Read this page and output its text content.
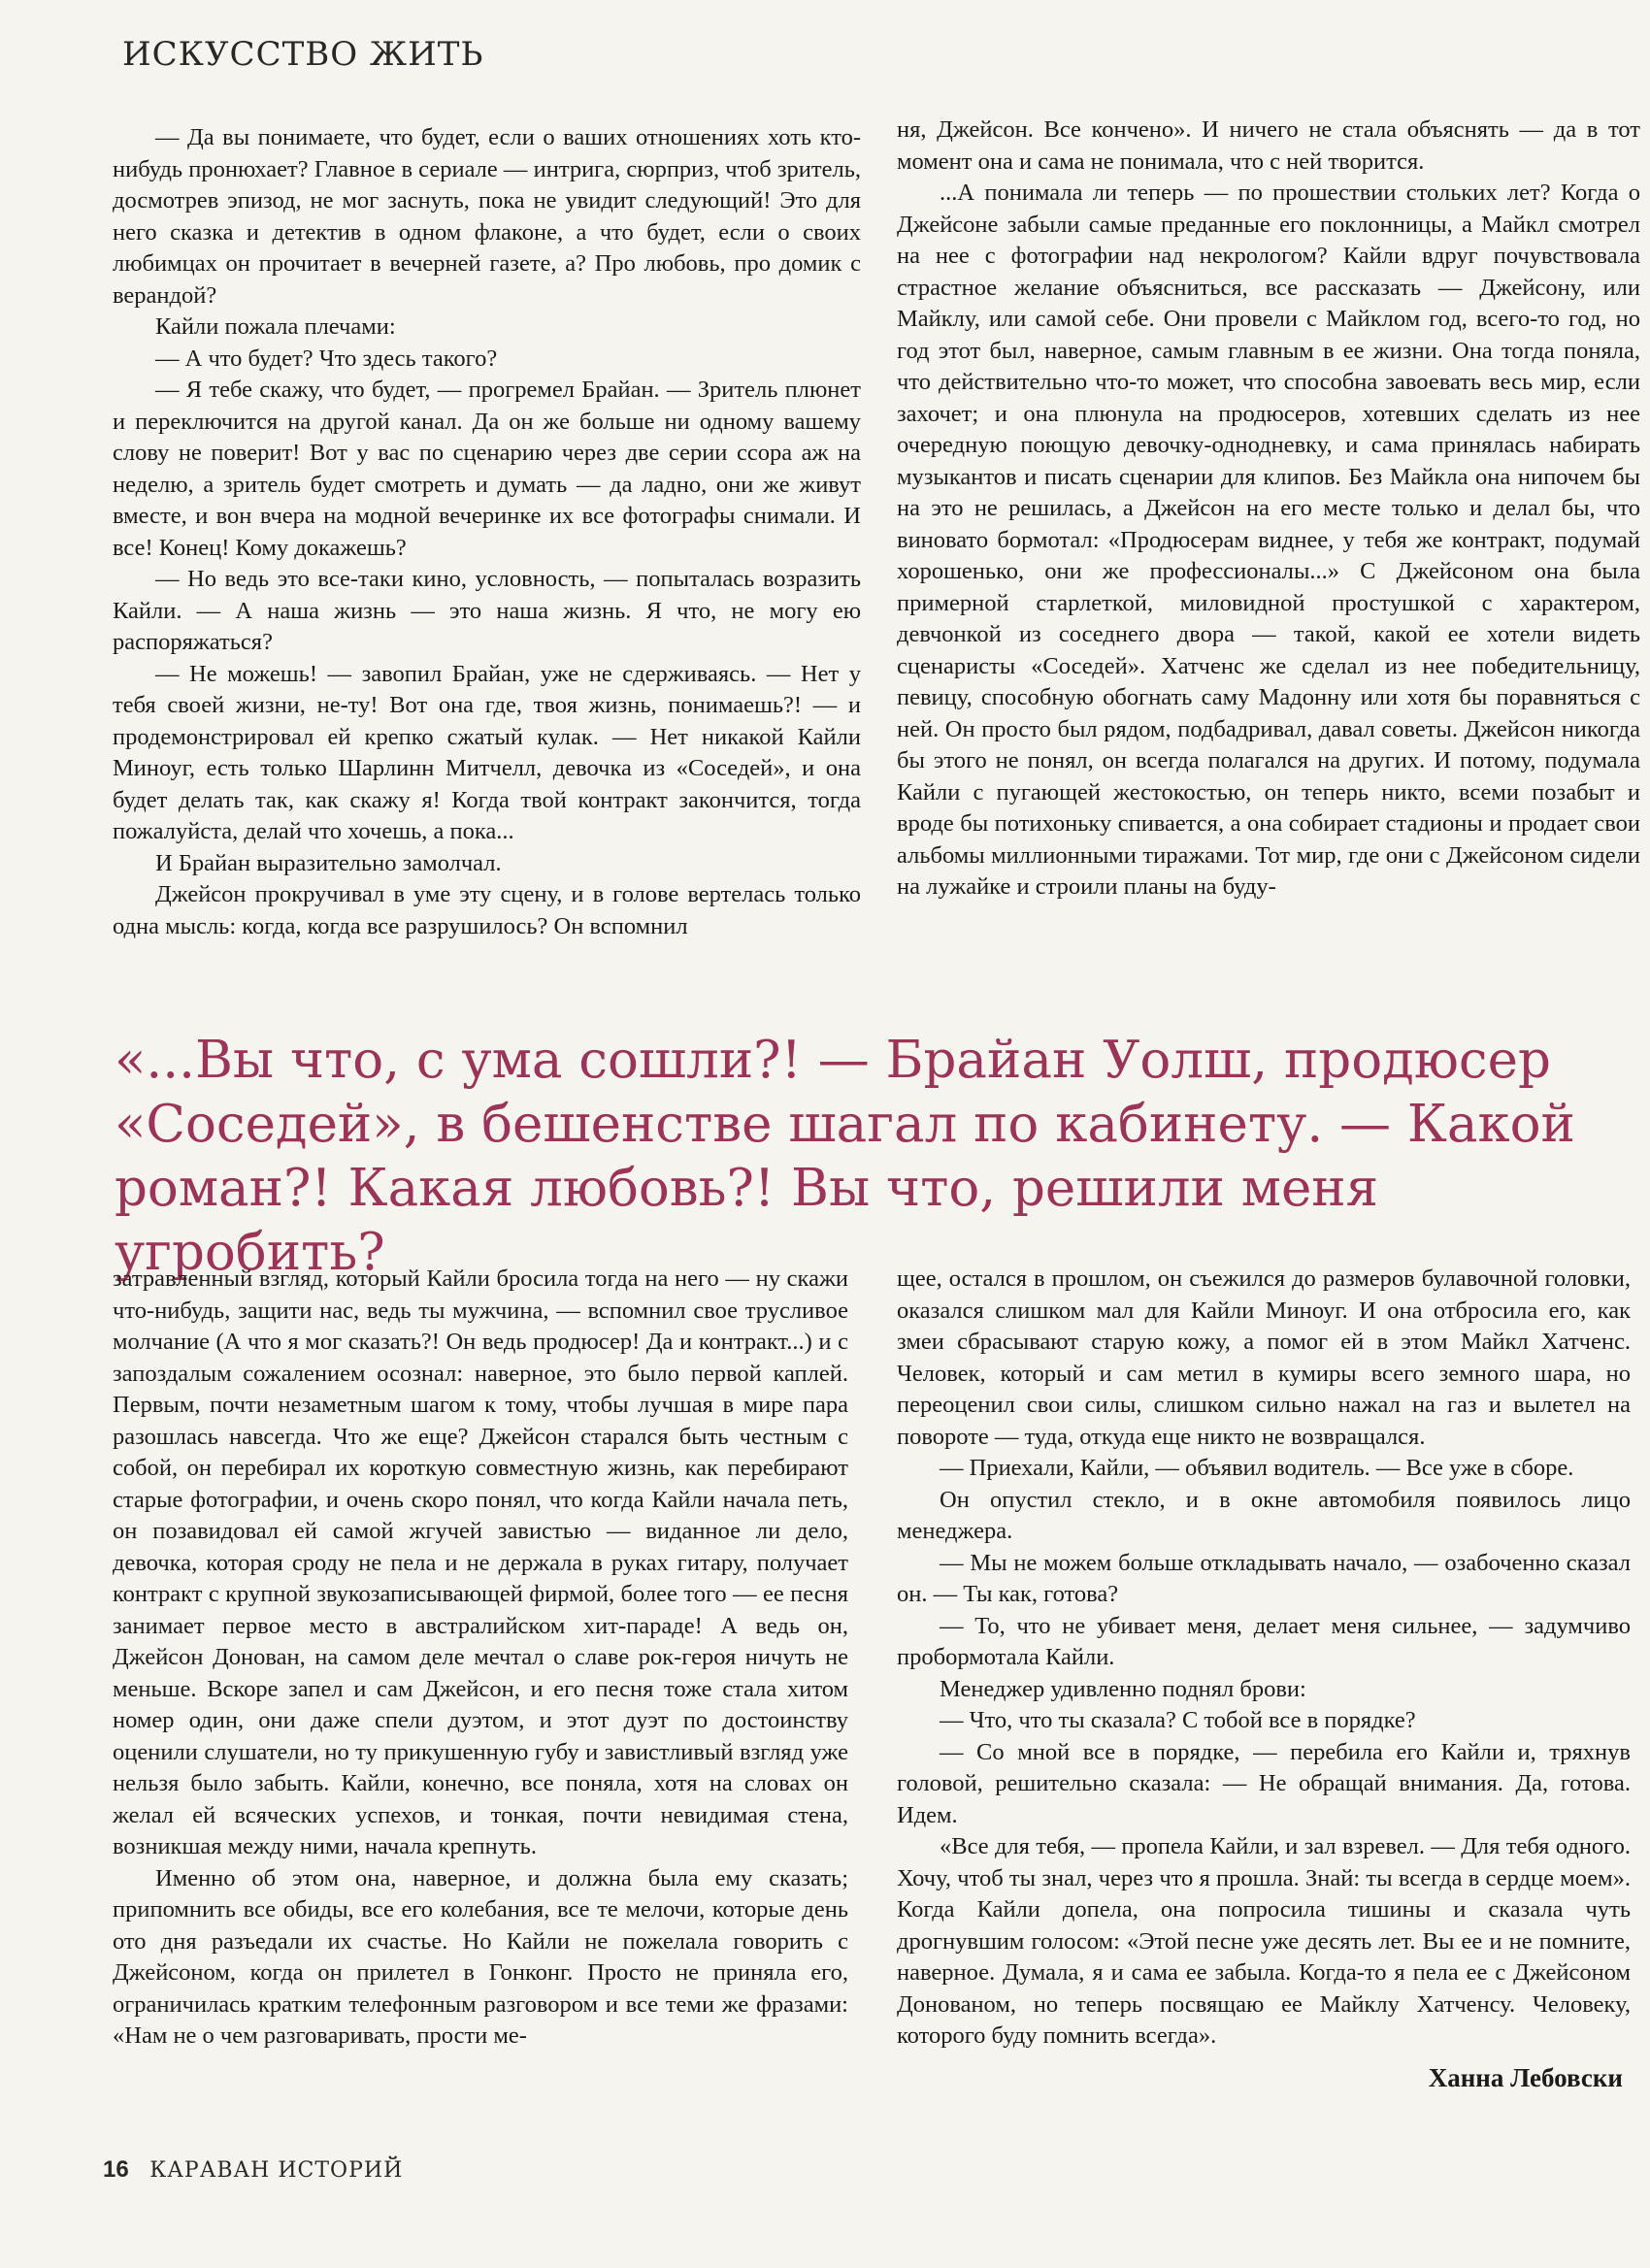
ИСКУССТВО ЖИТЬ

— Да вы понимаете, что будет, если о ваших отношениях хоть кто-нибудь пронюхает? Главное в сериале — интрига, сюрприз, чтоб зритель, досмотрев эпизод, не мог заснуть, пока не увидит следующий! Это для него сказка и детектив в одном флаконе, а что будет, если о своих любимцах он прочитает в вечерней газете, а? Про любовь, про домик с верандой?

Кайли пожала плечами:

— А что будет? Что здесь такого?

— Я тебе скажу, что будет, — прогремел Брайан. — Зритель плюнет и переключится на другой канал. Да он же больше ни одному вашему слову не поверит! Вот у вас по сценарию через две серии ссора аж на неделю, а зритель будет смотреть и думать — да ладно, они же живут вместе, и вон вчера на модной вечеринке их все фотографы снимали. И все! Конец! Кому докажешь?

— Но ведь это все-таки кино, условность, — попыталась возразить Кайли. — А наша жизнь — это наша жизнь. Я что, не могу ею распоряжаться?

— Не можешь! — завопил Брайан, уже не сдерживаясь. — Нет у тебя своей жизни, не-ту! Вот она где, твоя жизнь, понимаешь?! — и продемонстрировал ей крепко сжатый кулак. — Нет никакой Кайли Миноуг, есть только Шарлинн Митчелл, девочка из «Соседей», и она будет делать так, как скажу я! Когда твой контракт закончится, тогда пожалуйста, делай что хочешь, а пока...

И Брайан выразительно замолчал.

Джейсон прокручивал в уме эту сцену, и в голове вертелась только одна мысль: когда, когда все разрушилось? Он вспомнил

ня, Джейсон. Все кончено». И ничего не стала объяснять — да в тот момент она и сама не понимала, что с ней творится.

...А понимала ли теперь — по прошествии стольких лет? Когда о Джейсоне забыли самые преданные его поклонницы, а Майкл смотрел на нее с фотографии над некрологом? Кайли вдруг почувствовала страстное желание объясниться, все рассказать — Джейсону, или Майклу, или самой себе. Они провели с Майклом год, всего-то год, но год этот был, наверное, самым главным в ее жизни. Она тогда поняла, что действительно что-то может, что способна завоевать весь мир, если захочет; и она плюнула на продюсеров, хотевших сделать из нее очередную поющую девочку-однодневку, и сама принялась набирать музыкантов и писать сценарии для клипов. Без Майкла она нипочем бы на это не решилась, а Джейсон на его месте только и делал бы, что виновато бормотал: «Продюсерам виднее, у тебя же контракт, подумай хорошенько, они же профессионалы...» С Джейсоном она была примерной старлеткой, миловидной простушкой с характером, девчонкой из соседнего двора — такой, какой ее хотели видеть сценаристы «Соседей». Хатченс же сделал из нее победительницу, певицу, способную обогнать саму Мадонну или хотя бы поравняться с ней. Он просто был рядом, подбадривал, давал советы. Джейсон никогда бы этого не понял, он всегда полагался на других. И потому, подумала Кайли с пугающей жестокостью, он теперь никто, всеми позабыт и вроде бы потихоньку спивается, а она собирает стадионы и продает свои альбомы миллионными тиражами. Тот мир, где они с Джейсоном сидели на лужайке и строили планы на буду-

«...Вы что, с ума сошли?! — Брайан Уолш, продюсер «Соседей», в бешенстве шагал по кабинету. — Какой роман?! Какая любовь?! Вы что, решили меня угробить?

затравленный взгляд, который Кайли бросила тогда на него — ну скажи что-нибудь, защити нас, ведь ты мужчина, — вспомнил свое трусливое молчание (А что я мог сказать?! Он ведь продюсер! Да и контракт...) и с запоздалым сожалением осознал: наверное, это было первой каплей. Первым, почти незаметным шагом к тому, чтобы лучшая в мире пара разошлась навсегда. Что же еще? Джейсон старался быть честным с собой, он перебирал их короткую совместную жизнь, как перебирают старые фотографии, и очень скоро понял, что когда Кайли начала петь, он позавидовал ей самой жгучей завистью — виданное ли дело, девочка, которая сроду не пела и не держала в руках гитару, получает контракт с крупной звукозаписывающей фирмой, более того — ее песня занимает первое место в австралийском хит-параде! А ведь он, Джейсон Донован, на самом деле мечтал о славе рок-героя ничуть не меньше. Вскоре запел и сам Джейсон, и его песня тоже стала хитом номер один, они даже спели дуэтом, и этот дуэт по достоинству оценили слушатели, но ту прикушенную губу и завистливый взгляд уже нельзя было забыть. Кайли, конечно, все поняла, хотя на словах он желал ей всяческих успехов, и тонкая, почти невидимая стена, возникшая между ними, начала крепнуть.

Именно об этом она, наверное, и должна была ему сказать; припомнить все обиды, все его колебания, все те мелочи, которые день ото дня разъедали их счастье. Но Кайли не пожелала говорить с Джейсоном, когда он прилетел в Гонконг. Просто не приняла его, ограничилась кратким телефонным разговором и все теми же фразами: «Нам не о чем разговаривать, прости ме-

щее, остался в прошлом, он съежился до размеров булавочной головки, оказался слишком мал для Кайли Миноуг. И она отбросила его, как змеи сбрасывают старую кожу, а помог ей в этом Майкл Хатченс. Человек, который и сам метил в кумиры всего земного шара, но переоценил свои силы, слишком сильно нажал на газ и вылетел на повороте — туда, откуда еще никто не возвращался.

— Приехали, Кайли, — объявил водитель. — Все уже в сборе.

Он опустил стекло, и в окне автомобиля появилось лицо менеджера.

— Мы не можем больше откладывать начало, — озабоченно сказал он. — Ты как, готова?

— То, что не убивает меня, делает меня сильнее, — задумчиво пробормотала Кайли.

Менеджер удивленно поднял брови:

— Что, что ты сказала? С тобой все в порядке?

— Со мной все в порядке, — перебила его Кайли и, тряхнув головой, решительно сказала: — Не обращай внимания. Да, готова. Идем.

«Все для тебя, — пропела Кайли, и зал взревел. — Для тебя одного. Хочу, чтоб ты знал, через что я прошла. Знай: ты всегда в сердце моем». Когда Кайли допела, она попросила тишины и сказала чуть дрогнувшим голосом: «Этой песне уже десять лет. Вы ее и не помните, наверное. Думала, я и сама ее забыла. Когда-то я пела ее с Джейсоном Донованом, но теперь посвящаю ее Майклу Хатченсу. Человеку, которого буду помнить всегда».

Ханна Лебовски
16 КАРАВАН ИСТОРИЙ
